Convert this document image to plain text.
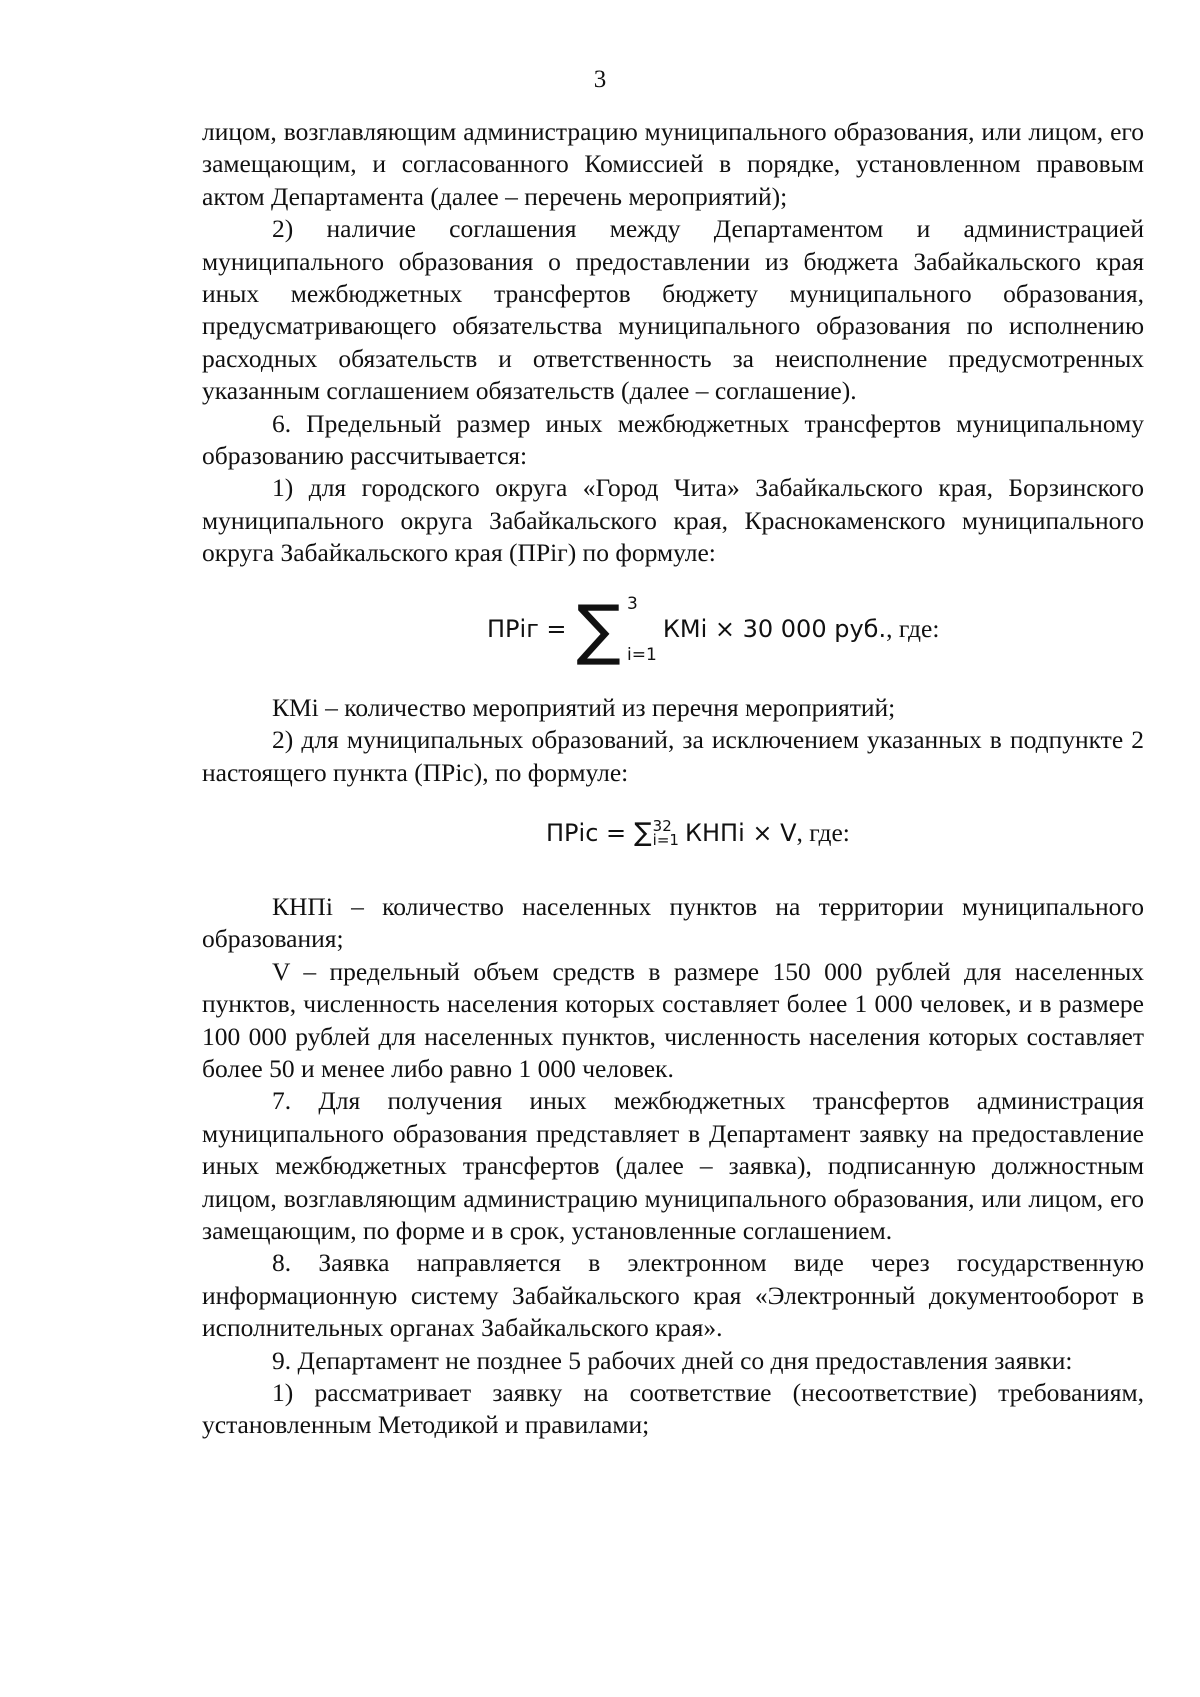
3

лицом, возглавляющим администрацию муниципального образования, или лицом, его замещающим, и согласованного Комиссией в порядке, установленном правовым актом Департамента (далее – перечень мероприятий);

2) наличие соглашения между Департаментом и администрацией муниципального образования о предоставлении из бюджета Забайкальского края иных межбюджетных трансфертов бюджету муниципального образования, предусматривающего обязательства муниципального образования по исполнению расходных обязательств и ответственность за неисполнение предусмотренных указанным соглашением обязательств (далее – соглашение).

6. Предельный размер иных межбюджетных трансфертов муниципальному образованию рассчитывается:

1) для городского округа «Город Чита» Забайкальского края, Борзинского муниципального округа Забайкальского края, Краснокаменского муниципального округа Забайкальского края (ПРiг) по формуле:

ПРiг = ∑ 3
i=1
КМi × 30 000 руб. , где:

КМi – количество мероприятий из перечня мероприятий;

2) для муниципальных образований, за исключением указанных в подпункте 2 настоящего пункта (ПРiс), по формуле:

ПРiс = ∑ 32
i=1 КНПi × V , где:

КНПi – количество населенных пунктов на территории муниципального образования;

V – предельный объем средств в размере 150 000 рублей для населенных пунктов, численность населения которых составляет более 1 000 человек, и в размере 100 000 рублей для населенных пунктов, численность населения которых составляет более 50 и менее либо равно 1 000 человек.

7. Для получения иных межбюджетных трансфертов администрация муниципального образования представляет в Департамент заявку на предоставление иных межбюджетных трансфертов (далее – заявка), подписанную должностным лицом, возглавляющим администрацию муниципального образования, или лицом, его замещающим, по форме и в срок, установленные соглашением.

8. Заявка направляется в электронном виде через государственную информационную систему Забайкальского края «Электронный документооборот в исполнительных органах Забайкальского края».

9. Департамент не позднее 5 рабочих дней со дня предоставления заявки:

1) рассматривает заявку на соответствие (несоответствие) требованиям, установленным Методикой и правилами;
